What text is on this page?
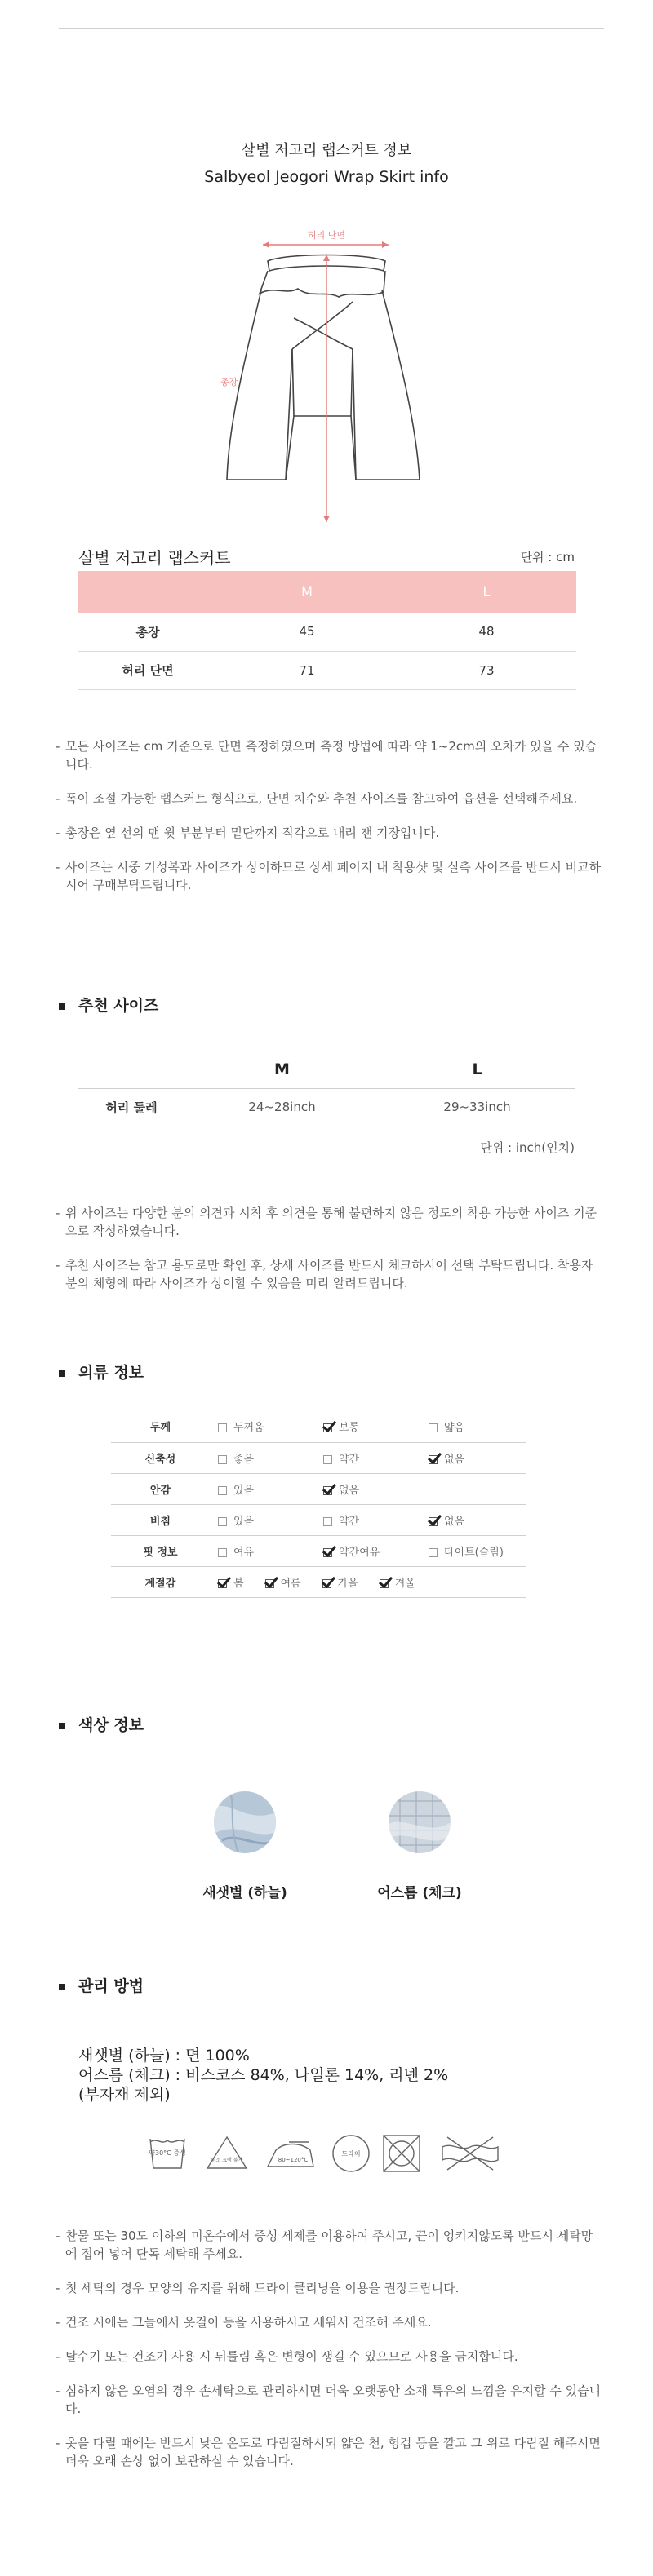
살별 저고리 랩스커트 정보
Salbyeol Jeogori Wrap Skirt info
허리 단면
총장
살별 저고리 랩스커트	단위 : cm
	M	L
총장	45	48
허리 단면	71	73
- 모든 사이즈는 cm 기준으로 단면 측정하였으며 측정 방법에 따라 약 1~2cm의 오차가 있을 수 있습니다.
- 폭이 조절 가능한 랩스커트 형식으로, 단면 치수와 추천 사이즈를 참고하여 옵션을 선택해주세요.
- 총장은 옆 선의 맨 윗 부분부터 밑단까지 직각으로 내려 잰 기장입니다.
- 사이즈는 시중 기성복과 사이즈가 상이하므로 상세 페이지 내 착용샷 및 실측 사이즈를 반드시 비교하시어 구매부탁드립니다.
추천 사이즈
	M	L
허리 둘레	24~28inch	29~33inch
단위 : inch(인치)
- 위 사이즈는 다양한 분의 의견과 시착 후 의견을 통해 불편하지 않은 정도의 착용 가능한 사이즈 기준으로 작성하였습니다.
- 추천 사이즈는 참고 용도로만 확인 후, 상세 사이즈를 반드시 체크하시어 선택 부탁드립니다. 착용자분의 체형에 따라 사이즈가 상이할 수 있음을 미리 알려드립니다.
의류 정보
두께	두꺼움	보통	얇음
신축성	좋음	약간	없음
안감	있음	없음	
비침	있음	약간	없음
핏 정보	여유	약간여유	타이트(슬림)
계절감	봄 여름 가을 겨울		
색상 정보
새샛별 (하늘)	어스름 (체크)
관리 방법
새샛별 (하늘) : 면 100%
어스름 (체크) : 비스코스 84%, 나일론 14%, 리넨 2%
(부자재 제외)
약30°C 중성
염소 표백 불가	80~120°C
드라이
- 찬물 또는 30도 이하의 미온수에서 중성 세제를 이용하여 주시고, 끈이 엉키지않도록 반드시 세탁망에 접어 넣어 단독 세탁해 주세요.
- 첫 세탁의 경우 모양의 유지를 위해 드라이 클리닝을 이용을 권장드립니다.
- 건조 시에는 그늘에서 옷걸이 등을 사용하시고 세워서 건조해 주세요.
- 탈수기 또는 건조기 사용 시 뒤틀림 혹은 변형이 생길 수 있으므로 사용을 금지합니다.
- 심하지 않은 오염의 경우 손세탁으로 관리하시면 더욱 오랫동안 소재 특유의 느낌을 유지할 수 있습니다.
- 옷을 다릴 때에는 반드시 낮은 온도로 다림질하시되 얇은 천, 헝겁 등을 깔고 그 위로 다림질 해주시면 더욱 오래 손상 없이 보관하실 수 있습니다.
